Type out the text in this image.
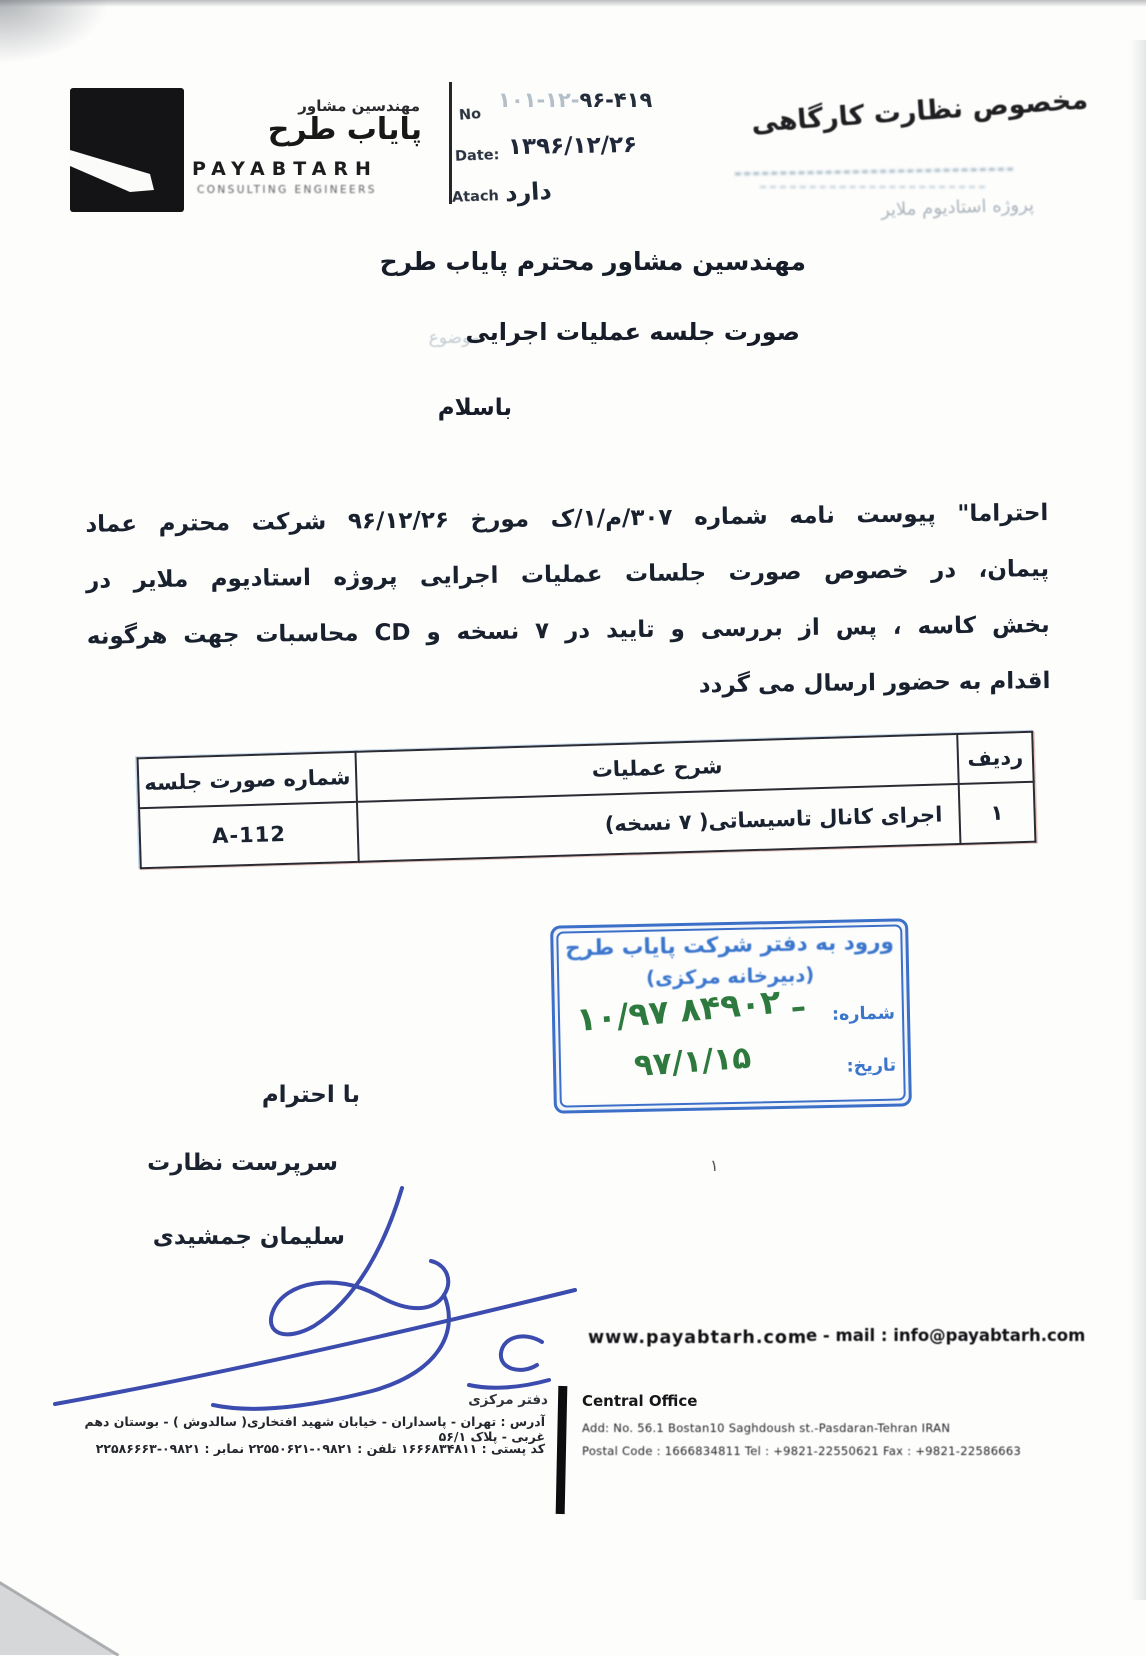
مهندسین مشاور
پایاب طرح
PAYABTARH
CONSULTING ENGINEERS
No
۱۰۱-۱۲-۹۶-۴۱۹
Date: ۱۳۹۶/۱۲/۲۶
Atach دارد
مخصوص نظارت کارگاهی
پروژه استادیوم ملایر
مهندسین مشاور محترم پایاب طرح
موضوع
صورت جلسه عملیات اجرایی
باسلام
احتراما" پیوست نامه شماره ۳۰۷/م/۱/ک مورخ ۹۶/۱۲/۲۶ شرکت محترم عماد
پیمان، در خصوص صورت جلسات عملیات اجرایی پروژه استادیوم ملایر در
بخش کاسه ، پس از بررسی و تایید در ۷ نسخه و CD محاسبات جهت هرگونه
اقدام به حضور ارسال می گردد
ردیف	شرح عملیات	شماره صورت جلسه
۱	اجرای کانال تاسیساتی( ۷ نسخه)	A-112
ورود به دفتر شرکت پایاب طرح
(دبیرخانه مرکزی)
شماره:
تاریخ:
۱۰/۹۷ ـ ۸۴۹۰۲
۹۷/۱/۱۵
با احترام
سرپرست نظارت
سلیمان جمشیدی
۱
www.payabtarh.com
e - mail : info@payabtarh.com
دفتر مرکزی
آدرس : تهران - پاسداران - خیابان شهید افتخاری( سالدوش ) - بوستان دهم غربی - پلاک ۵۶/۱
کد پستی : ۱۶۶۶۸۳۴۸۱۱ تلفن : ۰۹۸۲۱-۲۲۵۵۰۶۲۱ نمابر : ۰۹۸۲۱-۲۲۵۸۶۶۶۳
Central Office
Add: No. 56.1 Bostan10 Saghdoush st.-Pasdaran-Tehran IRAN
Postal Code : 1666834811 Tel : +9821-22550621 Fax : +9821-22586663
